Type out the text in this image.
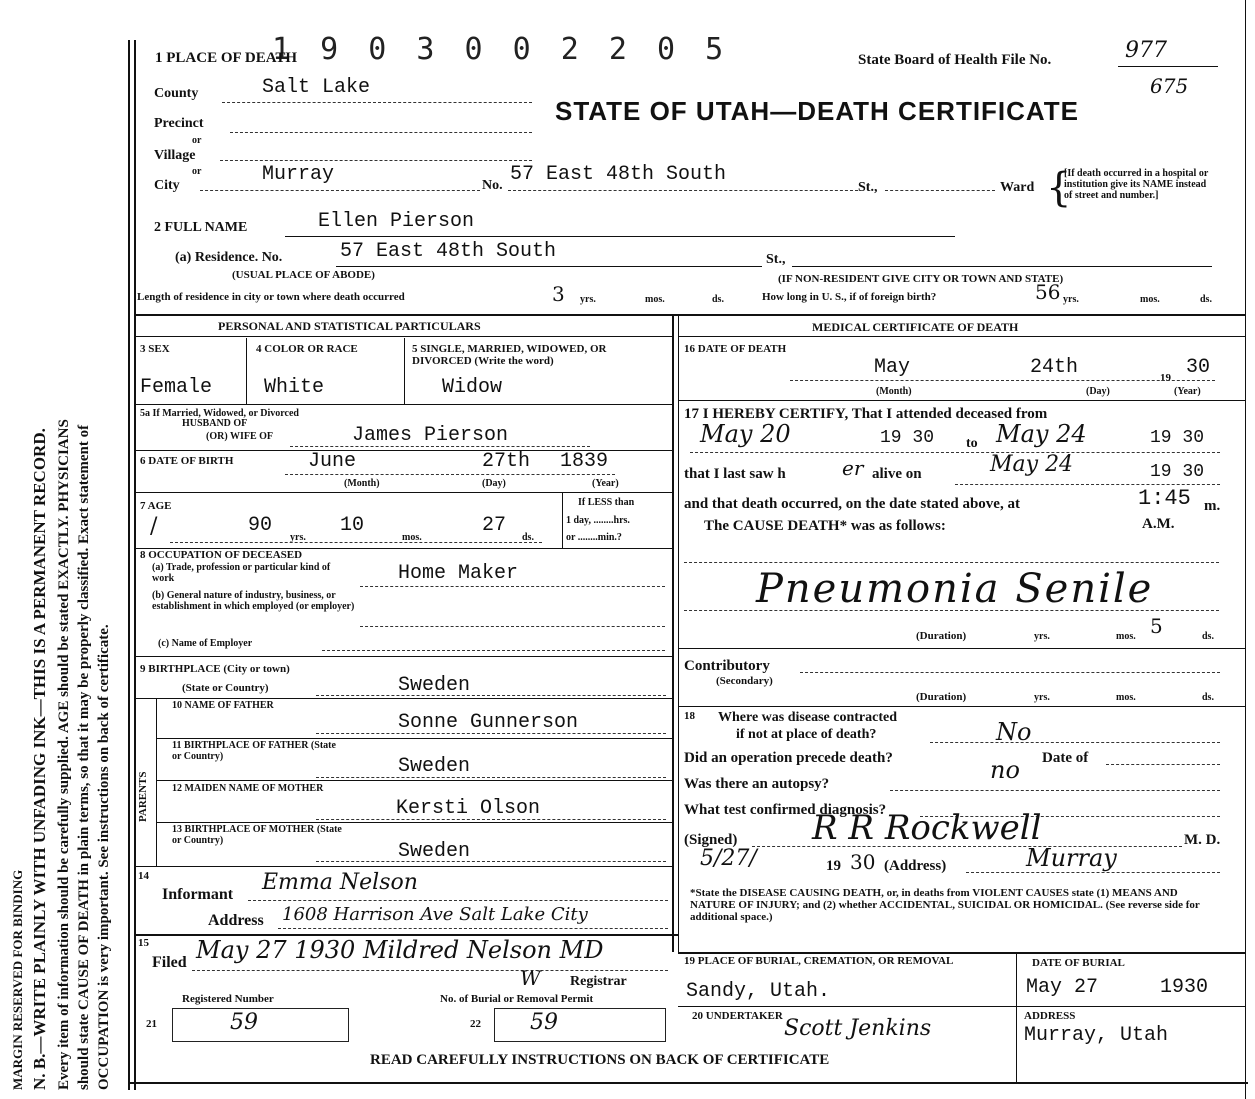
MARGIN RESERVED FOR BINDING N. B.—WRITE PLAINLY WITH UNFADING INK—THIS IS A PERMANENT RECORD. Every item of information should be carefully supplied. AGE should be stated EXACTLY. PHYSICIANS should state CAUSE OF DEATH in plain terms, so that it may be properly classified. Exact statement of OCCUPATION is very important. See instructions on back of certificate.
1 9 0 3 0 0 2 2 0 5
1 PLACE OF DEATH	State Board of Health File No.	977
675
STATE OF UTAH—DEATH CERTIFICATE
County	Salt Lake
Precinct
or
Village
or
City	Murray	No. 57 East 48th South
St.,	Ward {
[If death occurred in a hospital or institution give its NAME instead of street and number.]
2 FULL NAME	Ellen Pierson
(a) Residence. No.	57 East 48th South	St.,
(USUAL PLACE OF ABODE)	(IF NON-RESIDENT GIVE CITY OR TOWN AND STATE)
Length of residence in city or town where death occurred	3 yrs.	mos.	ds.	How long in U. S., if of foreign birth?	56 yrs.	mos.	ds.
PERSONAL AND STATISTICAL PARTICULARS	MEDICAL CERTIFICATE OF DEATH
3 SEX
Female
4 COLOR OR RACE
White
5 SINGLE, MARRIED, WIDOWED, OR DIVORCED (Write the word)
Widow
5a If Married, Widowed, or Divorced
HUSBAND OF
(OR) WIFE OF	James Pierson
6 DATE OF BIRTH	June	27th 1839
(Month)	(Day)	(Year)
7 AGE
/	90
yrs.
10
mos.
27
ds.
If LESS than
1 day, ........hrs.
or ........min.?
8 OCCUPATION OF DECEASED
(a) Trade, profession or particular kind of work	Home Maker
(b) General nature of industry, business, or establishment in which employed (or employer)
(c) Name of Employer
9 BIRTHPLACE (City or town)
(State or Country)	Sweden
PARENTS
10 NAME OF FATHER
Sonne Gunnerson
11 BIRTHPLACE OF FATHER (State or Country)	Sweden
12 MAIDEN NAME OF MOTHER
Kersti Olson
13 BIRTHPLACE OF MOTHER (State or Country)	Sweden
14
Informant Emma Nelson
Address 1608 Harrison Ave Salt Lake City
15
Filed May 27 1930 Mildred Nelson MD
W Registrar
Registered Number	No. of Burial or Removal Permit
21	59	22 59
16 DATE OF DEATH
May	24th	19 30
(Month)	(Day)	(Year)
17 I HEREBY CERTIFY, That I attended deceased from
May 20	19 30 to May 24	19 30
that I last saw h	er alive on	May 24	19 30
and that death occurred, on the date stated above, at	1:45 m.
The CAUSE DEATH* was as follows:	A.M.
Pneumonia Senile
(Duration)	yrs.	mos. 5	ds.
Contributory
(Secondary)
(Duration)	yrs.	mos.	ds.
18 Where was disease contracted
if not at place of death?	No
Did an operation precede death?	Date of
Was there an autopsy?	no
What test confirmed diagnosis?
(Signed) R R Rockwell	M. D.
5/27/	19 30 (Address)	Murray
*State the DISEASE CAUSING DEATH, or, in deaths from VIOLENT CAUSES state (1) MEANS AND NATURE OF INJURY; and (2) whether ACCIDENTAL, SUICIDAL OR HOMICIDAL. (See reverse side for additional space.)
19 PLACE OF BURIAL, CREMATION, OR REMOVAL
Sandy, Utah.
DATE OF BURIAL
May 27	1930
20 UNDERTAKER Scott Jenkins	ADDRESS
Murray, Utah
READ CAREFULLY INSTRUCTIONS ON BACK OF CERTIFICATE
